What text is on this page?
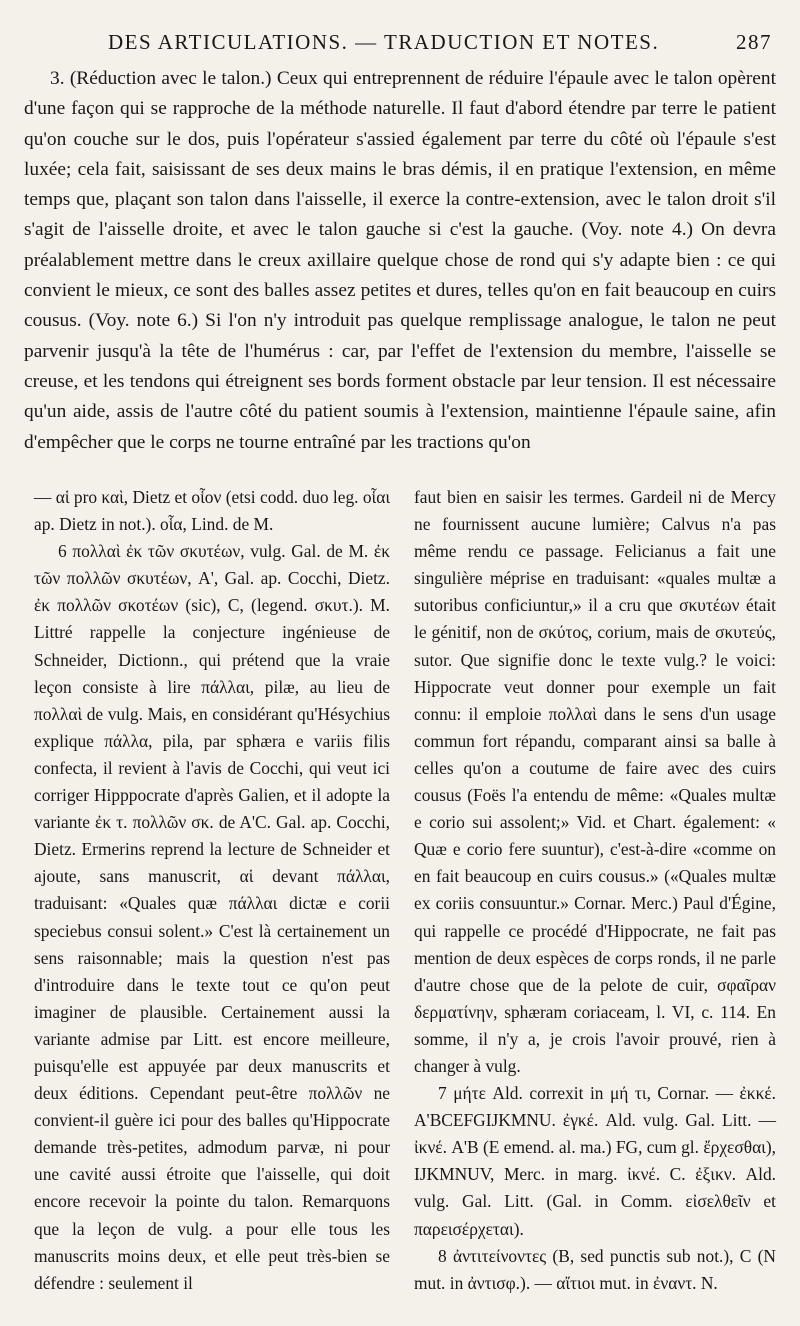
DES ARTICULATIONS. — TRADUCTION ET NOTES.	287

3. (Réduction avec le talon.) Ceux qui entreprennent de réduire l'épaule avec le talon opèrent d'une façon qui se rapproche de la méthode naturelle. Il faut d'abord étendre par terre le patient qu'on couche sur le dos, puis l'opérateur s'assied également par terre du côté où l'épaule s'est luxée; cela fait, saisissant de ses deux mains le bras démis, il en pratique l'extension, en même temps que, plaçant son talon dans l'aisselle, il exerce la contre-extension, avec le talon droit s'il s'agit de l'aisselle droite, et avec le talon gauche si c'est la gauche. (Voy. note 4.) On devra préalablement mettre dans le creux axillaire quelque chose de rond qui s'y adapte bien : ce qui convient le mieux, ce sont des balles assez petites et dures, telles qu'on en fait beaucoup en cuirs cousus. (Voy. note 6.) Si l'on n'y introduit pas quelque remplissage analogue, le talon ne peut parvenir jusqu'à la tête de l'humérus : car, par l'effet de l'extension du membre, l'aisselle se creuse, et les tendons qui étreignent ses bords forment obstacle par leur tension. Il est nécessaire qu'un aide, assis de l'autre côté du patient soumis à l'extension, maintienne l'épaule saine, afin d'empêcher que le corps ne tourne entraîné par les tractions qu'on

— αἱ pro καὶ, Dietz et οἷον (etsi codd. duo leg. οἷαι ap. Dietz in not.). οἷα, Lind. de M.

6 πολλαὶ ἐκ τῶν σκυτέων, vulg. Gal. de M. ἐκ τῶν πολλῶν σκυτέων, A', Gal. ap. Cocchi, Dietz. ἐκ πολλῶν σκοτέων (sic), C, (legend. σκυτ.). M. Littré rappelle la conjecture ingénieuse de Schneider, Dictionn., qui prétend que la vraie leçon consiste à lire πάλλαι, pilæ, au lieu de πολλαὶ de vulg. Mais, en considérant qu'Hésychius explique πάλλα, pila, par sphæra e variis filis confecta, il revient à l'avis de Cocchi, qui veut ici corriger Hipppocrate d'après Galien, et il adopte la variante ἐκ τ. πολλῶν σκ. de A'C. Gal. ap. Cocchi, Dietz. Ermerins reprend la lecture de Schneider et ajoute, sans manuscrit, αἱ devant πάλλαι, traduisant: «Quales quæ πάλλαι dictæ e corii speciebus consui solent.» C'est là certainement un sens raisonnable; mais la question n'est pas d'introduire dans le texte tout ce qu'on peut imaginer de plausible. Certainement aussi la variante admise par Litt. est encore meilleure, puisqu'elle est appuyée par deux manuscrits et deux éditions. Cependant peut-être πολλῶν ne convient-il guère ici pour des balles qu'Hippocrate demande très-petites, admodum parvæ, ni pour une cavité aussi étroite que l'aisselle, qui doit encore recevoir la pointe du talon. Remarquons que la leçon de vulg. a pour elle tous les manuscrits moins deux, et elle peut très-bien se défendre : seulement il

faut bien en saisir les termes. Gardeil ni de Mercy ne fournissent aucune lumière; Calvus n'a pas même rendu ce passage. Felicianus a fait une singulière méprise en traduisant: «quales multæ a sutoribus conficiuntur,» il a cru que σκυτέων était le génitif, non de σκύτος, corium, mais de σκυτεύς, sutor. Que signifie donc le texte vulg.? le voici: Hippocrate veut donner pour exemple un fait connu: il emploie πολλαὶ dans le sens d'un usage commun fort répandu, comparant ainsi sa balle à celles qu'on a coutume de faire avec des cuirs cousus (Foës l'a entendu de même: «Quales multæ e corio sui assolent;» Vid. et Chart. également: « Quæ e corio fere suuntur), c'est-à-dire «comme on en fait beaucoup en cuirs cousus.» («Quales multæ ex coriis consuuntur.» Cornar. Merc.) Paul d'Égine, qui rappelle ce procédé d'Hippocrate, ne fait pas mention de deux espèces de corps ronds, il ne parle d'autre chose que de la pelote de cuir, σφαῖραν δερματίνην, sphæram coriaceam, l. VI, c. 114. En somme, il n'y a, je crois l'avoir prouvé, rien à changer à vulg.

7 μήτε Ald. correxit in μή τι, Cornar. — ἐκκέ. A'BCEFGIJKMNU. ἐγκέ. Ald. vulg. Gal. Litt. — ἰκνέ. A'B (E emend. al. ma.) FG, cum gl. ἔρχεσθαι), IJKMNUV, Merc. in marg. ἰκνέ. C. ἐξικν. Ald. vulg. Gal. Litt. (Gal. in Comm. εἰσελθεῖν et παρεισέρχεται).

8 ἀντιτείνοντες (B, sed punctis sub not.), C (N mut. in ἀντισφ.). — αἴτιοι mut. in ἐναντ. N.
